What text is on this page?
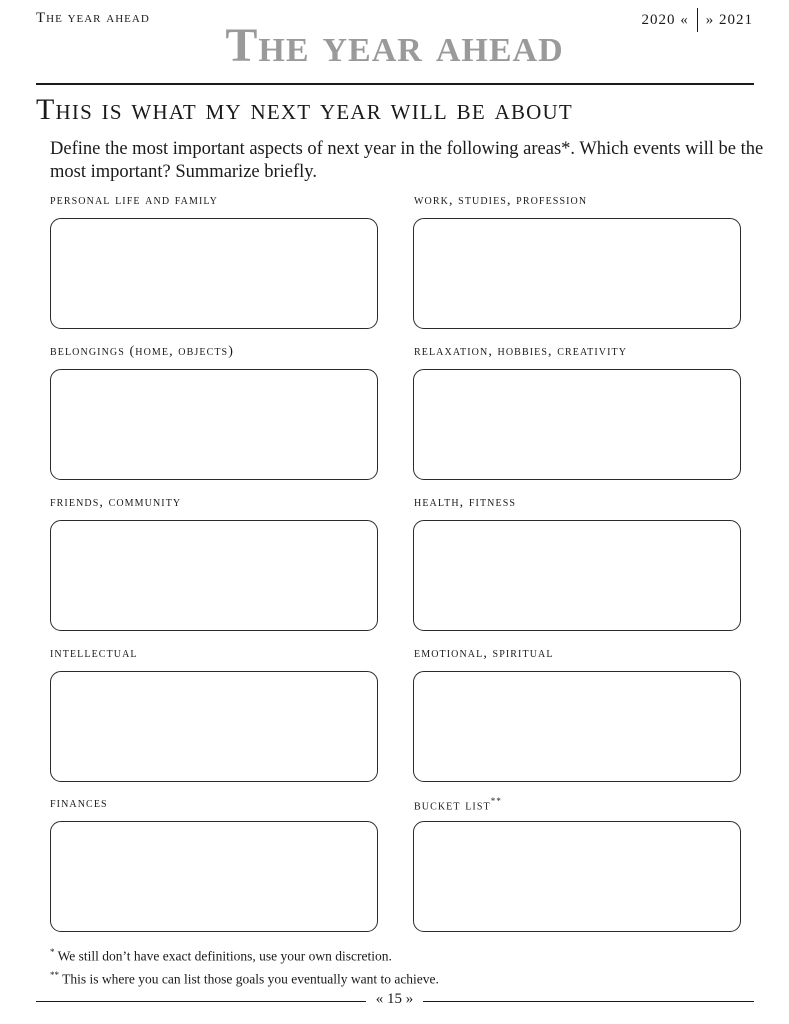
The year ahead	2020 « » 2021
The year ahead
This is what my next year will be about
Define the most important aspects of next year in the following areas*. Which events will be the most important? Summarize briefly.
personal life and family	work, studies, profession
belongings (home, objects)	relaxation, hobbies, creativity
friends, community	health, fitness
intellectual	emotional, spiritual
finances	bucket list**
* We still don’t have exact definitions, use your own discretion.
** This is where you can list those goals you eventually want to achieve.
« 15 »
